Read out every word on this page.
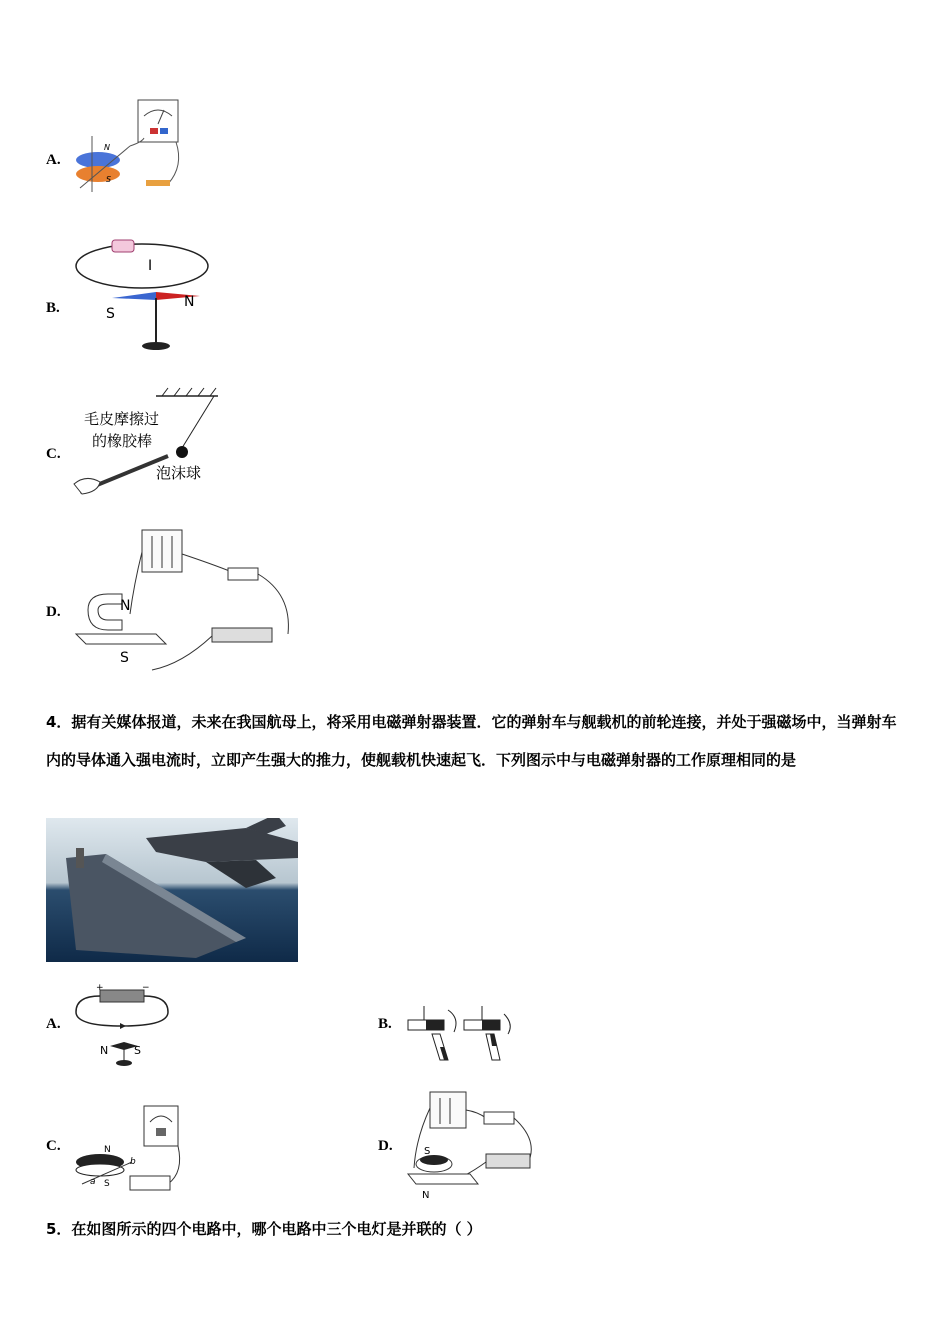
A.
N
S
B.
I
S
N
C.
毛皮摩擦过
的橡胶棒
泡沫球
D.	N
S
4．据有关媒体报道，未来在我国航母上，将采用电磁弹射器装置．它的弹射车与舰载机的前轮连接，并处于强磁场中，当弹射车内的导体通入强电流时，立即产生强大的推力，使舰载机快速起飞．下列图示中与电磁弹射器的工作原理相同的是
A.
+	−
N S
B.
C.	N
S
a
b
D.	S
N
5．在如图所示的四个电路中，哪个电路中三个电灯是并联的（ ）
